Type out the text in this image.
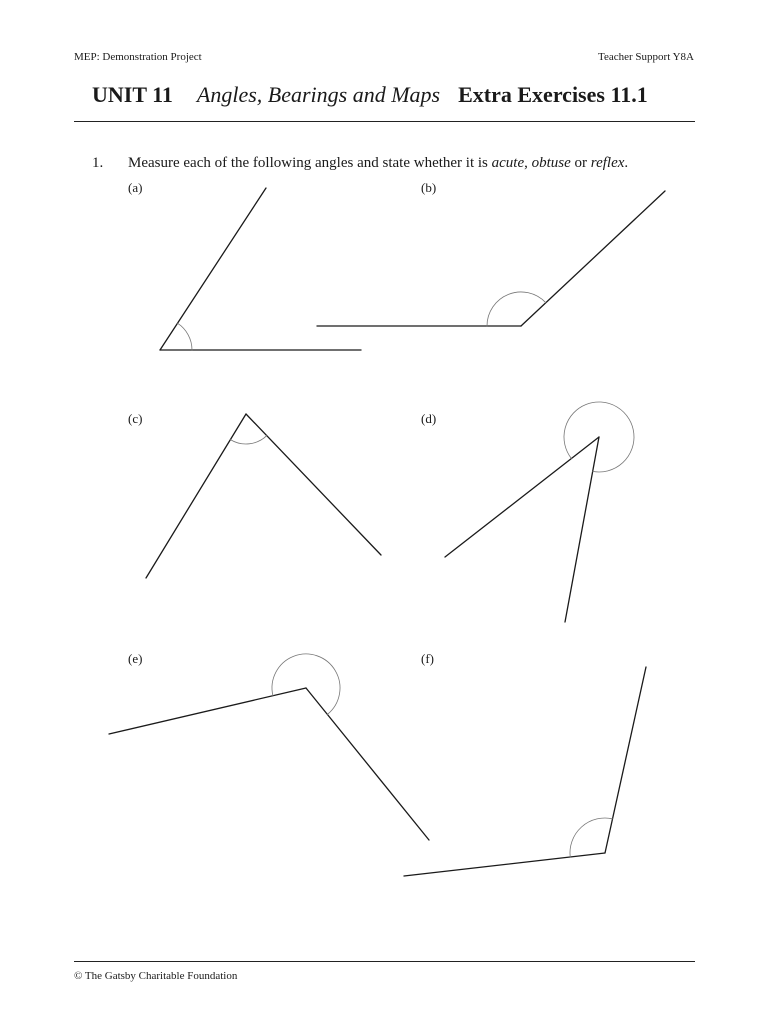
MEP: Demonstration Project	Teacher Support Y8A
UNIT 11 Angles, Bearings and Maps Extra Exercises 11.1
1. Measure each of the following angles and state whether it is acute, obtuse or reflex.
(a)	(b)
(c)	(d)
(e)	(f)
© The Gatsby Charitable Foundation
